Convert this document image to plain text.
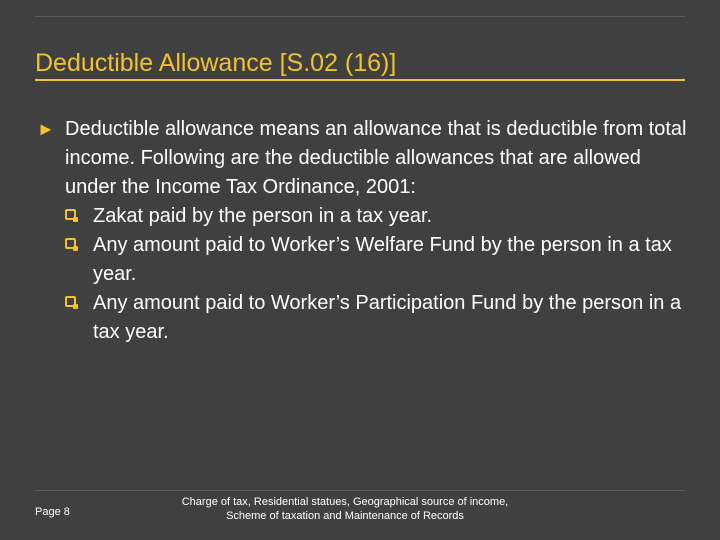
Deductible Allowance [S.02 (16)]
► Deductible allowance means an allowance that is deductible from total income. Following are the deductible allowances that are allowed under the Income Tax Ordinance, 2001:
Zakat paid by the person in a tax year.
Any amount paid to Worker’s Welfare Fund by the person in a tax year.
Any amount paid to Worker’s Participation Fund by the person in a tax year.
Page 8
Charge of tax, Residential statues, Geographical source of income, Scheme of taxation and Maintenance of Records
